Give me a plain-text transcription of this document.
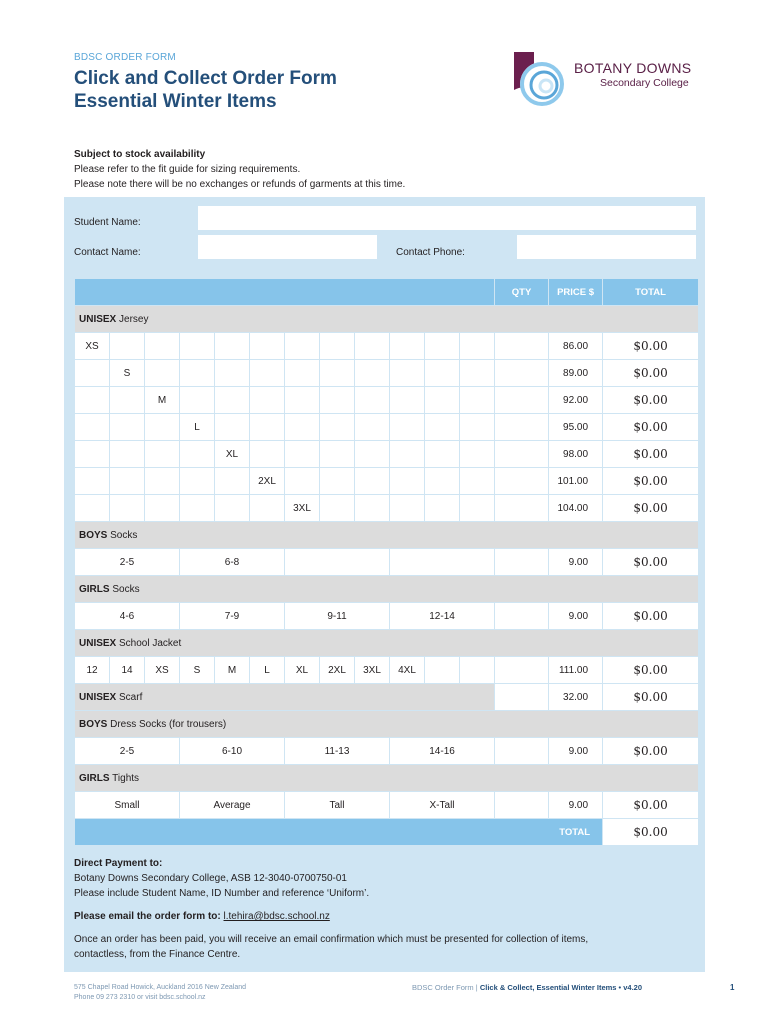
BDSC ORDER FORM
Click and Collect Order Form
Essential Winter Items
BOTANY DOWNS
Secondary College
Subject to stock availability
Please refer to the fit guide for sizing requirements.
Please note there will be no exchanges or refunds of garments at this time.
Student Name:
Contact Name:	Contact Phone:
												QTY	PRICE $	TOTAL
UNISEX Jersey														
XS													86.00	$0.00
	S												89.00	$0.00
		M											92.00	$0.00
			L										95.00	$0.00
				XL									98.00	$0.00
					2XL								101.00	$0.00
						3XL							104.00	$0.00
BOYS Socks														
2-5			6-8										9.00	$0.00
GIRLS Socks														
4-6			7-9			9-11			12-14				9.00	$0.00
UNISEX School Jacket														
12	14	XS	S	M	L	XL	2XL	3XL	4XL				111.00	$0.00
UNISEX Scarf													32.00	$0.00
BOYS Dress Socks (for trousers)														
2-5			6-10			11-13			14-16				9.00	$0.00
GIRLS Tights														
Small			Average			Tall			X-Tall				9.00	$0.00
TOTAL														$0.00
Direct Payment to:
Botany Downs Secondary College, ASB 12-3040-0700750-01
Please include Student Name, ID Number and reference ‘Uniform’.
Please email the order form to: l.tehira@bdsc.school.nz
Once an order has been paid, you will receive an email confirmation which must be presented for collection of items,
contactless, from the Finance Centre.
575 Chapel Road Howick, Auckland 2016 New Zealand
Phone 09 273 2310 or visit bdsc.school.nz
BDSC Order Form | Click & Collect, Essential Winter Items • v4.20	1
